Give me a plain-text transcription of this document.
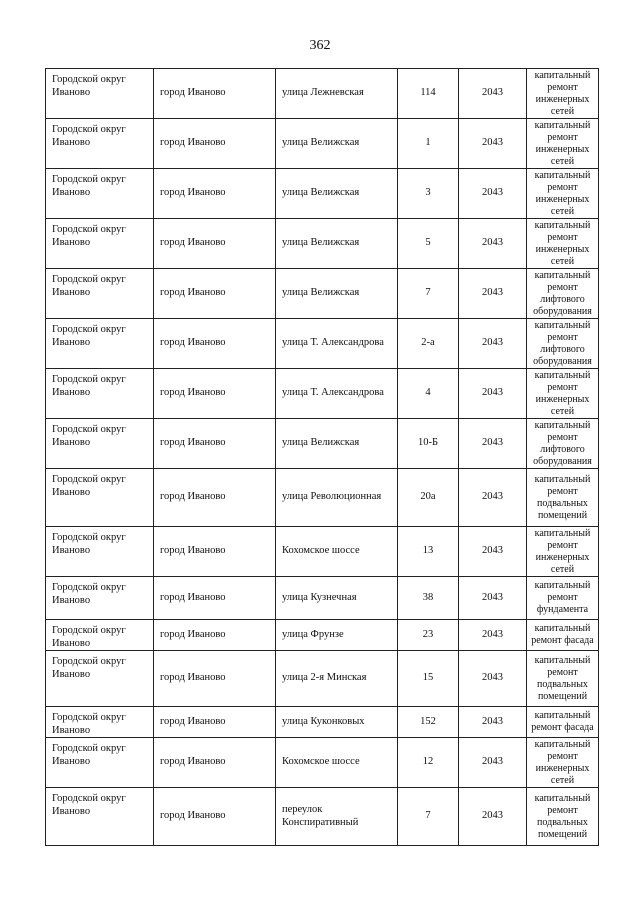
362
Городской округ Иваново	город Иваново	улица Лежневская	114	2043	капитальный ремонт инженерных сетей
Городской округ Иваново	город Иваново	улица Велижская	1	2043	капитальный ремонт инженерных сетей
Городской округ Иваново	город Иваново	улица Велижская	3	2043	капитальный ремонт инженерных сетей
Городской округ Иваново	город Иваново	улица Велижская	5	2043	капитальный ремонт инженерных сетей
Городской округ Иваново	город Иваново	улица Велижская	7	2043	капитальный ремонт лифтового оборудования
Городской округ Иваново	город Иваново	улица Т. Александрова	2-а	2043	капитальный ремонт лифтового оборудования
Городской округ Иваново	город Иваново	улица Т. Александрова	4	2043	капитальный ремонт инженерных сетей
Городской округ Иваново	город Иваново	улица Велижская	10-Б	2043	капитальный ремонт лифтового оборудования
Городской округ Иваново	город Иваново	улица Революционная	20а	2043	капитальный ремонт подвальных помещений
Городской округ Иваново	город Иваново	Кохомское шоссе	13	2043	капитальный ремонт инженерных сетей
Городской округ Иваново	город Иваново	улица Кузнечная	38	2043	капитальный ремонт фундамента
Городской округ Иваново	город Иваново	улица Фрунзе	23	2043	капитальный ремонт фасада
Городской округ Иваново	город Иваново	улица 2-я Минская	15	2043	капитальный ремонт подвальных помещений
Городской округ Иваново	город Иваново	улица Куконковых	152	2043	капитальный ремонт фасада
Городской округ Иваново	город Иваново	Кохомское шоссе	12	2043	капитальный ремонт инженерных сетей
Городской округ Иваново	город Иваново	переулок Конспиративный	7	2043	капитальный ремонт подвальных помещений
